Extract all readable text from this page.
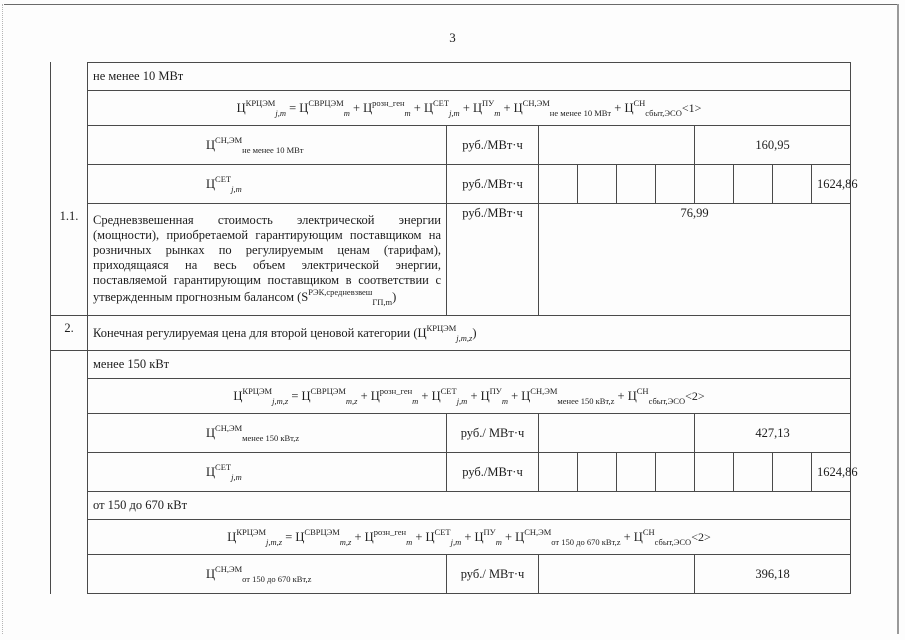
3
	не менее 10 МВт									
	$Ц^{КРЦЭМ}_{j,m} = Ц^{СВРЦЭМ}_m + Ц^{розн\_ген}_m + Ц^{СЕТ}_{j,m} + Ц^{ПУ}_m + Ц^{СН,ЭМ}_{не менее 10 МВт} + Ц^{СН}_{сбыт,ЭСО}<1>$									
	$Ц^{СН,ЭМ}_{не менее 10 МВт}$	руб./МВт·ч					160,95			
	$Ц^{СЕТ}_{j,m}$	руб./МВт·ч								1624,86
1.1.	Средневзвешенная стоимость электрической энергии (мощности), приобретаемой гарантирующим поставщиком на розничных рынках по регулируемым ценам (тарифам), приходящаяся на весь объем электрической энергии, поставляемой гарантирующим поставщиком в соответствии с утвержденным прогнозным балансом $(S^{РЭК,средневзвеш}_{ГП,m})$	руб./МВт·ч	76,99							
2.	Конечная регулируемая цена для второй ценовой категории $(Ц^{КРЦЭМ}_{j,m,z})$									
	менее 150 кВт									
	$Ц^{КРЦЭМ}_{j,m,z} = Ц^{СВРЦЭМ}_{m,z} + Ц^{розн\_ген}_m + Ц^{СЕТ}_{j,m} + Ц^{ПУ}_m + Ц^{СН,ЭМ}_{менее 150 кВт,z} + Ц^{СН}_{сбыт,ЭСО}<2>$									
	$Ц^{СН,ЭМ}_{менее 150 кВт,z}$	руб./ МВт·ч					427,13			
	$Ц^{СЕТ}_{j,m}$	руб./МВт·ч								1624,86
	от 150 до 670 кВт									
	$Ц^{КРЦЭМ}_{j,m,z} = Ц^{СВРЦЭМ}_{m,z} + Ц^{розн\_ген}_m + Ц^{СЕТ}_{j,m} + Ц^{ПУ}_m + Ц^{СН,ЭМ}_{от 150 до 670 кВт,z} + Ц^{СН}_{сбыт,ЭСО}<2>$									
	$Ц^{СН,ЭМ}_{от 150 до 670 кВт,z}$	руб./ МВт·ч					396,18			
